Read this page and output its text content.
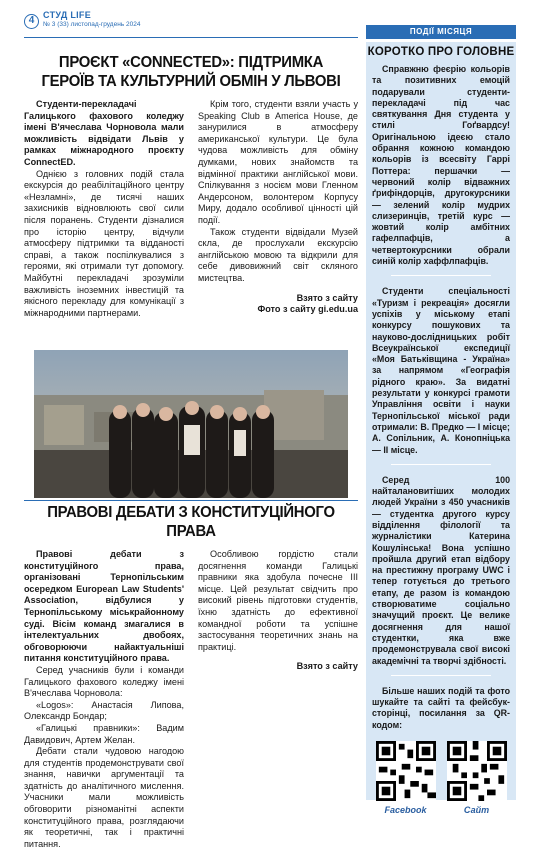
4 СТУД LIFE
№ 3 (33) листопад-грудень 2024
ПОДІЇ МІСЯЦЯ
ПРОЄКТ «CONNECTED»: ПІДТРИМКА ГЕРОЇВ ТА КУЛЬТУРНИЙ ОБМІН У ЛЬВОВІ

Студенти-перекладачі Галицького фахового коледжу імені В'ячеслава Чорновола мали можливість відвідати Львів у рамках міжнародного проєкту ConnectED.

Однією з головних подій стала екскурсія до реабілітаційного центру «Незламні», де тисячі наших захисників відновлюють свої сили після поранень. Студенти дізналися про історію центру, відчули атмосферу підтримки та відданості справі, а також поспілкувалися з героями, які отримали тут допомогу. Майбутні перекладачі зрозуміли важливість іноземних інвестицій та якісного перекладу для комунікації з міжнародними партнерами.

Крім того, студенти взяли участь у Speaking Club в America House, де занурилися в атмосферу американської культури. Це була чудова можливість для обміну думками, нових знайомств та відмінної практики англійської мови. Спілкування з носієм мови Гленном Андерсоном, волонтером Корпусу Миру, додало особливої цінності цій події.

Також студенти відвідали Музей скла, де прослухали екскурсію англійською мовою та відкрили для себе дивовижний світ скляного мистецтва.

Взято з сайту
Фото з сайту gi.edu.ua
ПРАВОВІ ДЕБАТИ З КОНСТИТУЦІЙНОГО ПРАВА

Правові дебати з конституційного права, організовані Тернопільським осередком European Law Students' Association, відбулися у Тернопільському міськрайонному суді. Вісім команд змагалися в інтелектуальних двобоях, обговорюючи найактуальніші питання конституційного права.

Серед учасників були і команди Галицького фахового коледжу імені В'ячеслава Чорновола:

«Logos»: Анастасія Липова, Олександр Бондар;

«Галицькі правники»: Вадим Давидович, Артем Желан.

Дебати стали чудовою нагодою для студентів продемонструвати свої знання, навички аргументації та здатність до аналітичного мислення. Учасники мали можливість обговорити різноманітні аспекти конституційного права, розглядаючи як теоретичні, так і практичні питання.

Особливою гордістю стали досягнення команди Галицькі правники яка здобула почесне ІІІ місце. Цей результат свідчить про високий рівень підготовки студентів, їхню здатність до ефективної командної роботи та успішне застосування теоретичних знань на практиці.

Взято з сайту
КОРОТКО ПРО ГОЛОВНЕ

Справжню феєрію кольорів та позитивних емоцій подарували студенти-перекладачі під час святкування Дня студента у стилі Гоґвардсу! Оригінальною ідеєю стало обрання кожною командою кольорів із всесвіту Гаррі Поттера: першачки — червоний колір відважних ґрифіндорців, другокурсники — зелений колір мудрих слизеринців, третій курс — жовтий колір амбітних гафелпафців, а четвертокурсники обрали синій колір хаффлпафців.

Студенти спеціальності «Туризм і рекреація» досягли успіхів у міському етапі конкурсу пошукових та науково-дослідницьких робіт Всеукраїнської експедиції «Моя Батьківщина - Україна» за напрямом «Географія рідного краю». За видатні результати у конкурсі грамоти Управління освіти і науки Тернопільської міської ради отримали: В. Предко — І місце; А. Сопільник, А. Конопніцька — ІІ місце.

Серед 100 найталановитіших молодих людей України з 450 учасників — студентка другого курсу відділення філології та журналістики Катерина Кошулінська! Вона успішно пройшла другий етап відбору на престижну програму UWC і тепер готується до третього етапу, де разом із командою створюватиме соціально значущий проєкт. Це велике досягнення для нашої студентки, яка вже продемонструвала свої високі академічні та творчі здібності.

Більше наших подій та фото шукайте та сайті та фейсбук-сторінці, посилання за QR-кодом:

Facebook	Сайт
